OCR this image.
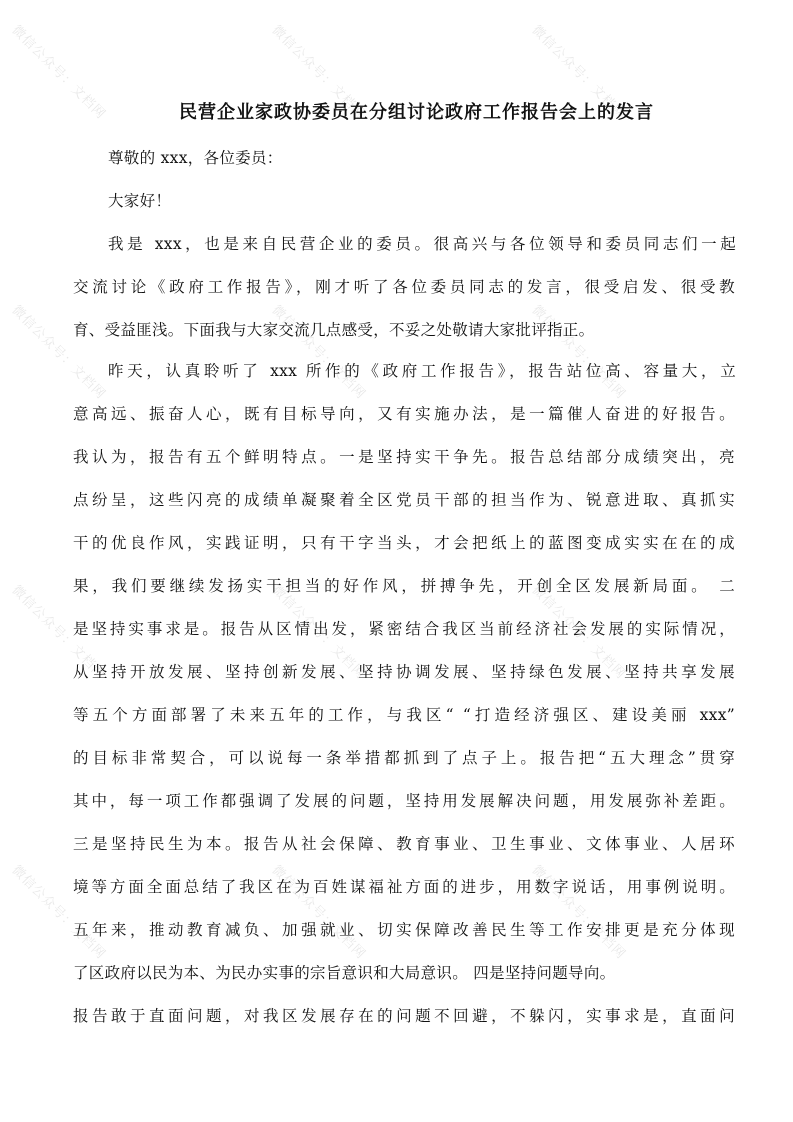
微信公众号：文档网	微信公众号：文档网	微信公众号：文档网
微信公众号：文档网	微信公众号：文档网	微信公众号：文档网
微信公众号：文档网	微信公众号：文档网	微信公众号：文档网
微信公众号：文档网	微信公众号：文档网	微信公众号：文档网
民营企业家政协委员在分组讨论政府工作报告会上的发言
尊敬的 xxx，各位委员：
大家好！
我是 xxx，也是来自民营企业的委员。很高兴与各位领导和委员同志们一起
交流讨论《政府工作报告》，刚才听了各位委员同志的发言，很受启发、很受教
育、受益匪浅。下面我与大家交流几点感受，不妥之处敬请大家批评指正。
昨天，认真聆听了 xxx 所作的《政府工作报告》，报告站位高、容量大，立
意高远、振奋人心，既有目标导向，又有实施办法，是一篇催人奋进的好报告。
我认为，报告有五个鲜明特点。一是坚持实干争先。报告总结部分成绩突出，亮
点纷呈，这些闪亮的成绩单凝聚着全区党员干部的担当作为、锐意进取、真抓实
干的优良作风，实践证明，只有干字当头，才会把纸上的蓝图变成实实在在的成
果，我们要继续发扬实干担当的好作风，拼搏争先，开创全区发展新局面。 二
是坚持实事求是。报告从区情出发，紧密结合我区当前经济社会发展的实际情况，
从坚持开放发展、坚持创新发展、坚持协调发展、坚持绿色发展、坚持共享发展
等五个方面部署了未来五年的工作，与我区“ “打造经济强区、建设美丽 xxx”
的目标非常契合，可以说每一条举措都抓到了点子上。报告把“五大理念”贯穿
其中，每一项工作都强调了发展的问题，坚持用发展解决问题，用发展弥补差距。
三是坚持民生为本。报告从社会保障、教育事业、卫生事业、文体事业、人居环
境等方面全面总结了我区在为百姓谋福祉方面的进步，用数字说话，用事例说明。
五年来，推动教育减负、加强就业、切实保障改善民生等工作安排更是充分体现
了区政府以民为本、为民办实事的宗旨意识和大局意识。 四是坚持问题导向。
报告敢于直面问题，对我区发展存在的问题不回避，不躲闪，实事求是，直面问
